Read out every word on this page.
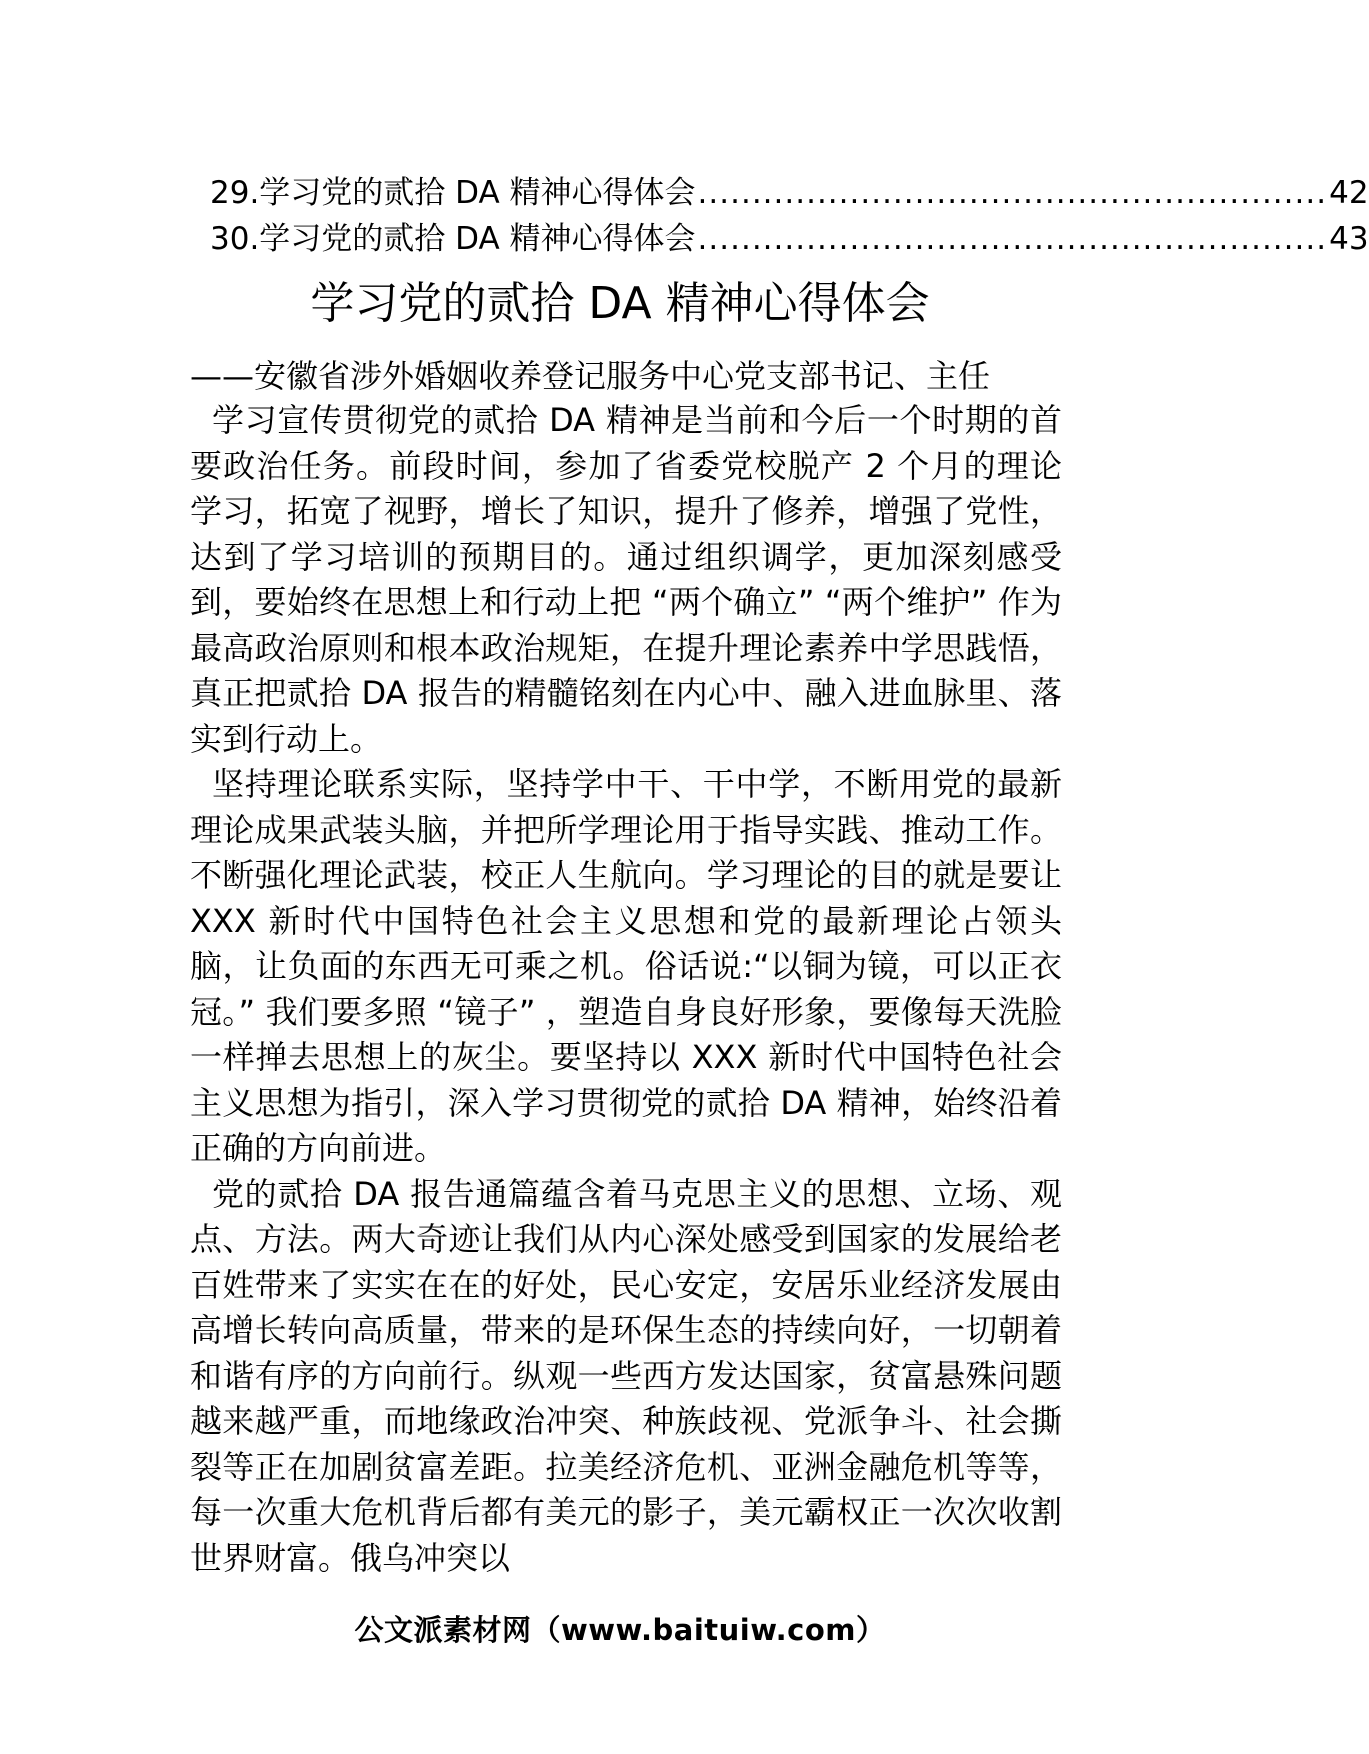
29.学习党的贰拾 DA 精神心得体会 .......................................................... 42
30.学习党的贰拾 DA 精神心得体会 .......................................................... 43
学习党的贰拾 DA 精神心得体会
——安徽省涉外婚姻收养登记服务中心党支部书记、主任

学习宣传贯彻党的贰拾 DA 精神是当前和今后一个时期的首要政治任务。前段时间，参加了省委党校脱产 2 个月的理论学习，拓宽了视野，增长了知识，提升了修养，增强了党性，达到了学习培训的预期目的。通过组织调学，更加深刻感受到，要始终在思想上和行动上把 “两个确立” “两个维护” 作为最高政治原则和根本政治规矩，在提升理论素养中学思践悟，真正把贰拾 DA 报告的精髓铭刻在内心中、融入进血脉里、落实到行动上。

坚持理论联系实际，坚持学中干、干中学，不断用党的最新理论成果武装头脑，并把所学理论用于指导实践、推动工作。不断强化理论武装，校正人生航向。学习理论的目的就是要让 XXX 新时代中国特色社会主义思想和党的最新理论占领头脑，让负面的东西无可乘之机。俗话说:“以铜为镜，可以正衣冠。” 我们要多照 “镜子” ，塑造自身良好形象，要像每天洗脸一样掸去思想上的灰尘。要坚持以 XXX 新时代中国特色社会主义思想为指引，深入学习贯彻党的贰拾 DA 精神，始终沿着正确的方向前进。

党的贰拾 DA 报告通篇蕴含着马克思主义的思想、立场、观点、方法。两大奇迹让我们从内心深处感受到国家的发展给老百姓带来了实实在在的好处，民心安定，安居乐业经济发展由高增长转向高质量，带来的是环保生态的持续向好，一切朝着和谐有序的方向前行。纵观一些西方发达国家，贫富悬殊问题越来越严重，而地缘政治冲突、种族歧视、党派争斗、社会撕裂等正在加剧贫富差距。拉美经济危机、亚洲金融危机等等，每一次重大危机背后都有美元的影子，美元霸权正一次次收割世界财富。俄乌冲突以

公文派素材网（www.baituiw.com）
